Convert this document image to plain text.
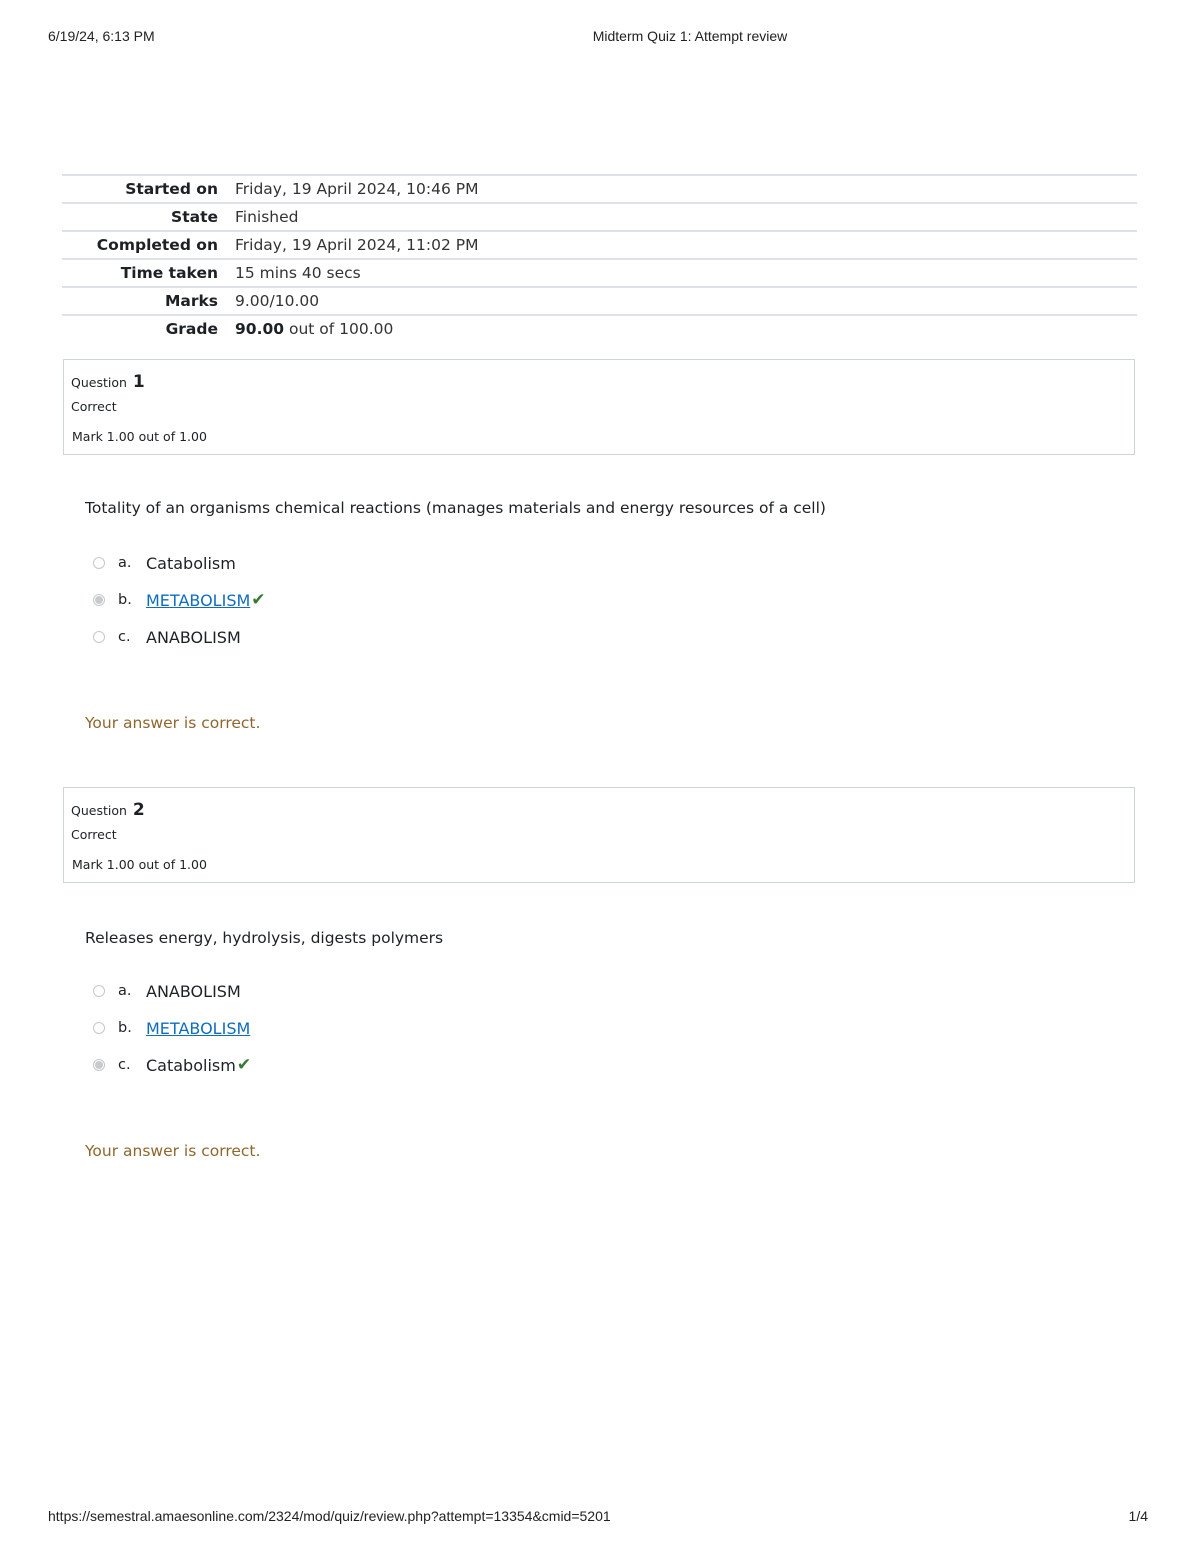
6/19/24, 6:13 PM	Midterm Quiz 1: Attempt review
Started on	Friday, 19 April 2024, 10:46 PM
State	Finished
Completed on	Friday, 19 April 2024, 11:02 PM
Time taken	15 mins 40 secs
Marks	9.00/10.00
Grade	90.00 out of 100.00
Question 1
Correct
Mark 1.00 out of 1.00
Totality of an organisms chemical reactions (manages materials and energy resources of a cell)
a. Catabolism
b. METABOLISM ✔
c. ANABOLISM
Your answer is correct.
Question 2
Correct
Mark 1.00 out of 1.00
Releases energy, hydrolysis, digests polymers
a. ANABOLISM
b. METABOLISM
c. Catabolism ✔
Your answer is correct.
https://semestral.amaesonline.com/2324/mod/quiz/review.php?attempt=13354&cmid=5201	1/4
